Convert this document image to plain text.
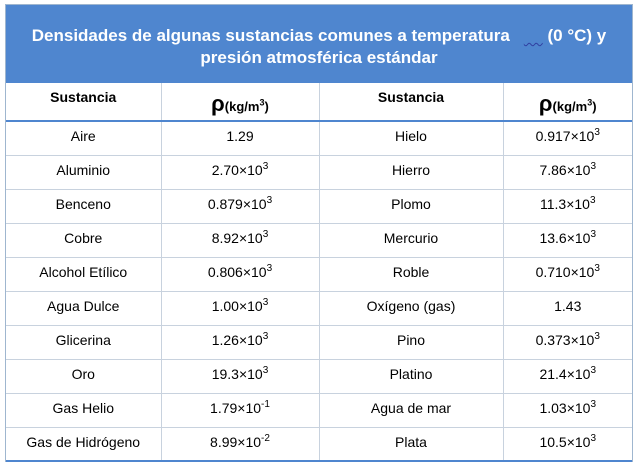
Densidades de algunas sustancias comunes a temperatura (0 °C) y
presión atmosférica estándar
Sustancia	$\rho(kg/m^3)$	Sustancia	$\rho(kg/m^3)$
Aire	1.29	Hielo	$0.917\times 10^3$
Aluminio	$2.70\times 10^3$	Hierro	$7.86\times 10^3$
Benceno	$0.879\times 10^3$	Plomo	$11.3\times 10^3$
Cobre	$8.92\times 10^3$	Mercurio	$13.6\times 10^3$
Alcohol Etílico	$0.806\times 10^3$	Roble	$0.710\times 10^3$
Agua Dulce	$1.00\times 10^3$	Oxígeno (gas)	1.43
Glicerina	$1.26\times 10^3$	Pino	$0.373\times 10^3$
Oro	$19.3\times 10^3$	Platino	$21.4\times 10^3$
Gas Helio	$1.79\times 10^{-1}$	Agua de mar	$1.03\times 10^3$
Gas de Hidrógeno	$8.99\times 10^{-2}$	Plata	$10.5\times 10^3$
